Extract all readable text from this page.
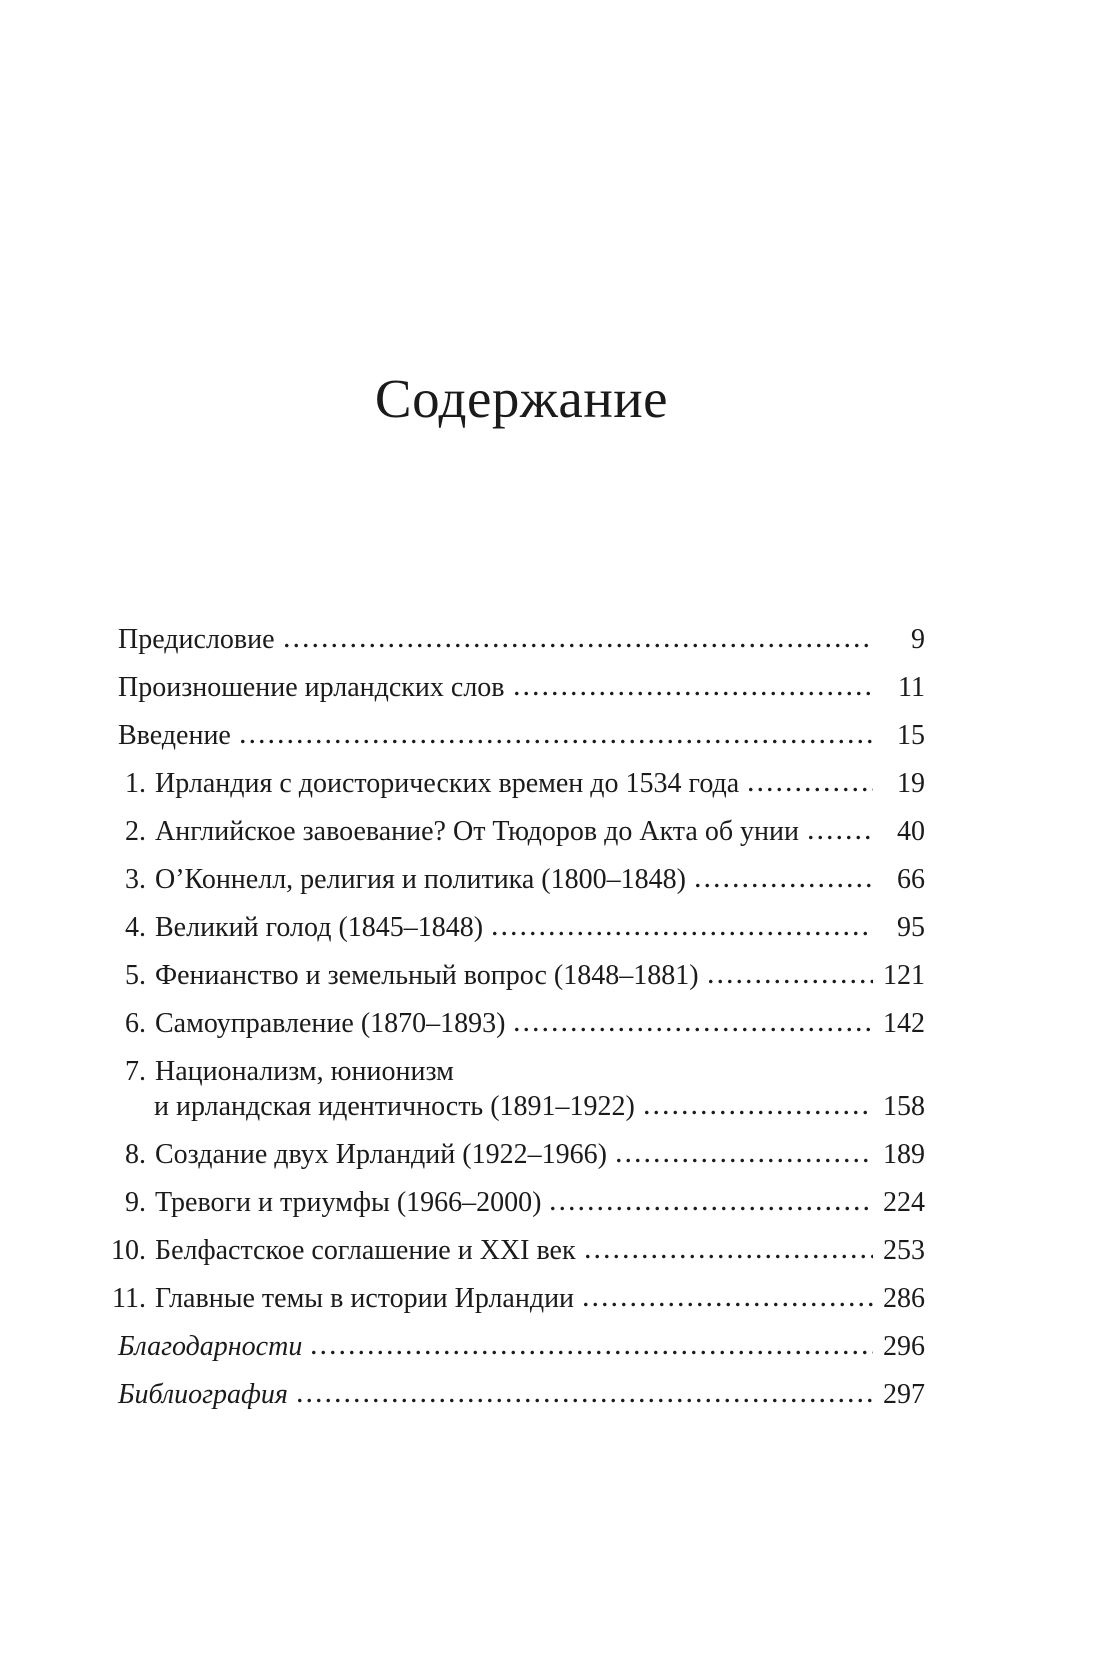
Содержание
Предисловие	9
Произношение ирландских слов	11
Введение	15
1. Ирландия с доисторических времен до 1534 года	19
2. Английское завоевание? От Тюдоров до Акта об унии	40
3. О’Коннелл, религия и политика (1800–1848)	66
4. Великий голод (1845–1848)	95
5. Фенианство и земельный вопрос (1848–1881)	121
6. Самоуправление (1870–1893)	142
7. Национализм, юнионизм
и ирландская идентичность (1891–1922)	158
8. Создание двух Ирландий (1922–1966)	189
9. Тревоги и триумфы (1966–2000)	224
10. Белфастское соглашение и XXI век	253
11. Главные темы в истории Ирландии	286
Благодарности	296
Библиография	297
